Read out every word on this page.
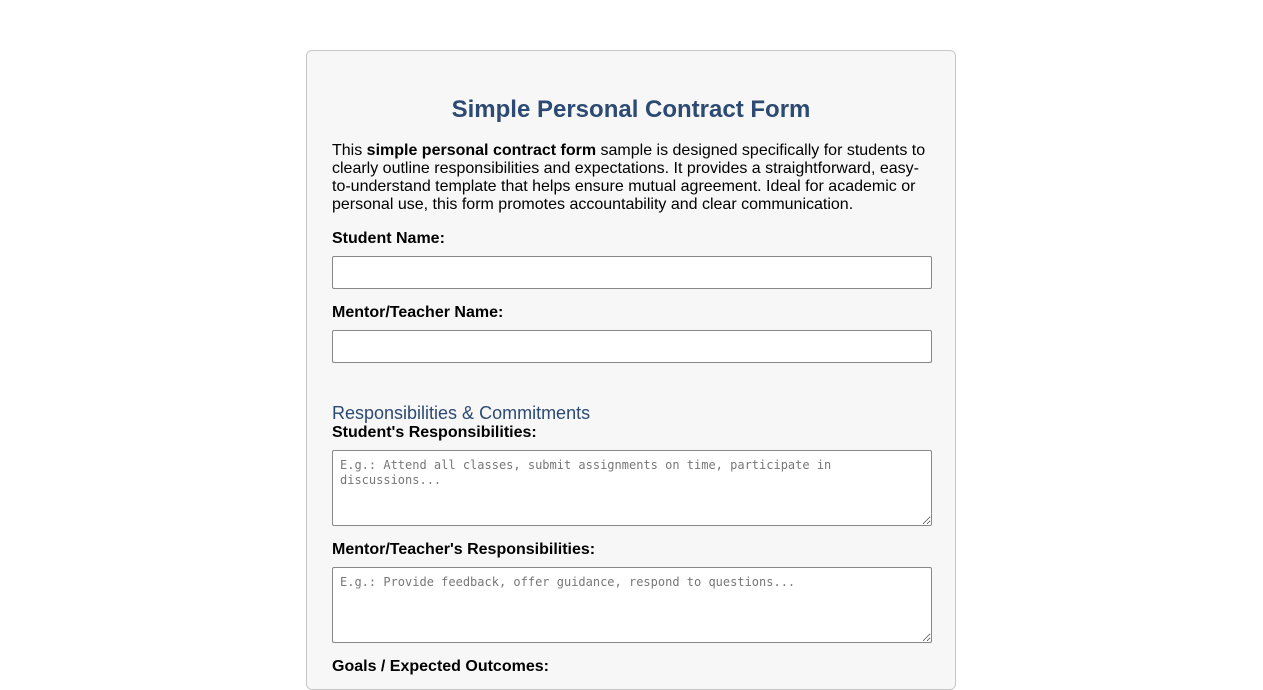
Simple Personal Contract Form

This simple personal contract form sample is designed specifically for students to clearly outline responsibilities and expectations. It provides a straightforward, easy-to-understand template that helps ensure mutual agreement. Ideal for academic or personal use, this form promotes accountability and clear communication.

Student Name:
Mentor/Teacher Name:
Responsibilities & Commitments
Student's Responsibilities:
E.g.: Attend all classes, submit assignments on time, participate in discussions...
Mentor/Teacher's Responsibilities:
E.g.: Provide feedback, offer guidance, respond to questions...
Goals / Expected Outcomes:
